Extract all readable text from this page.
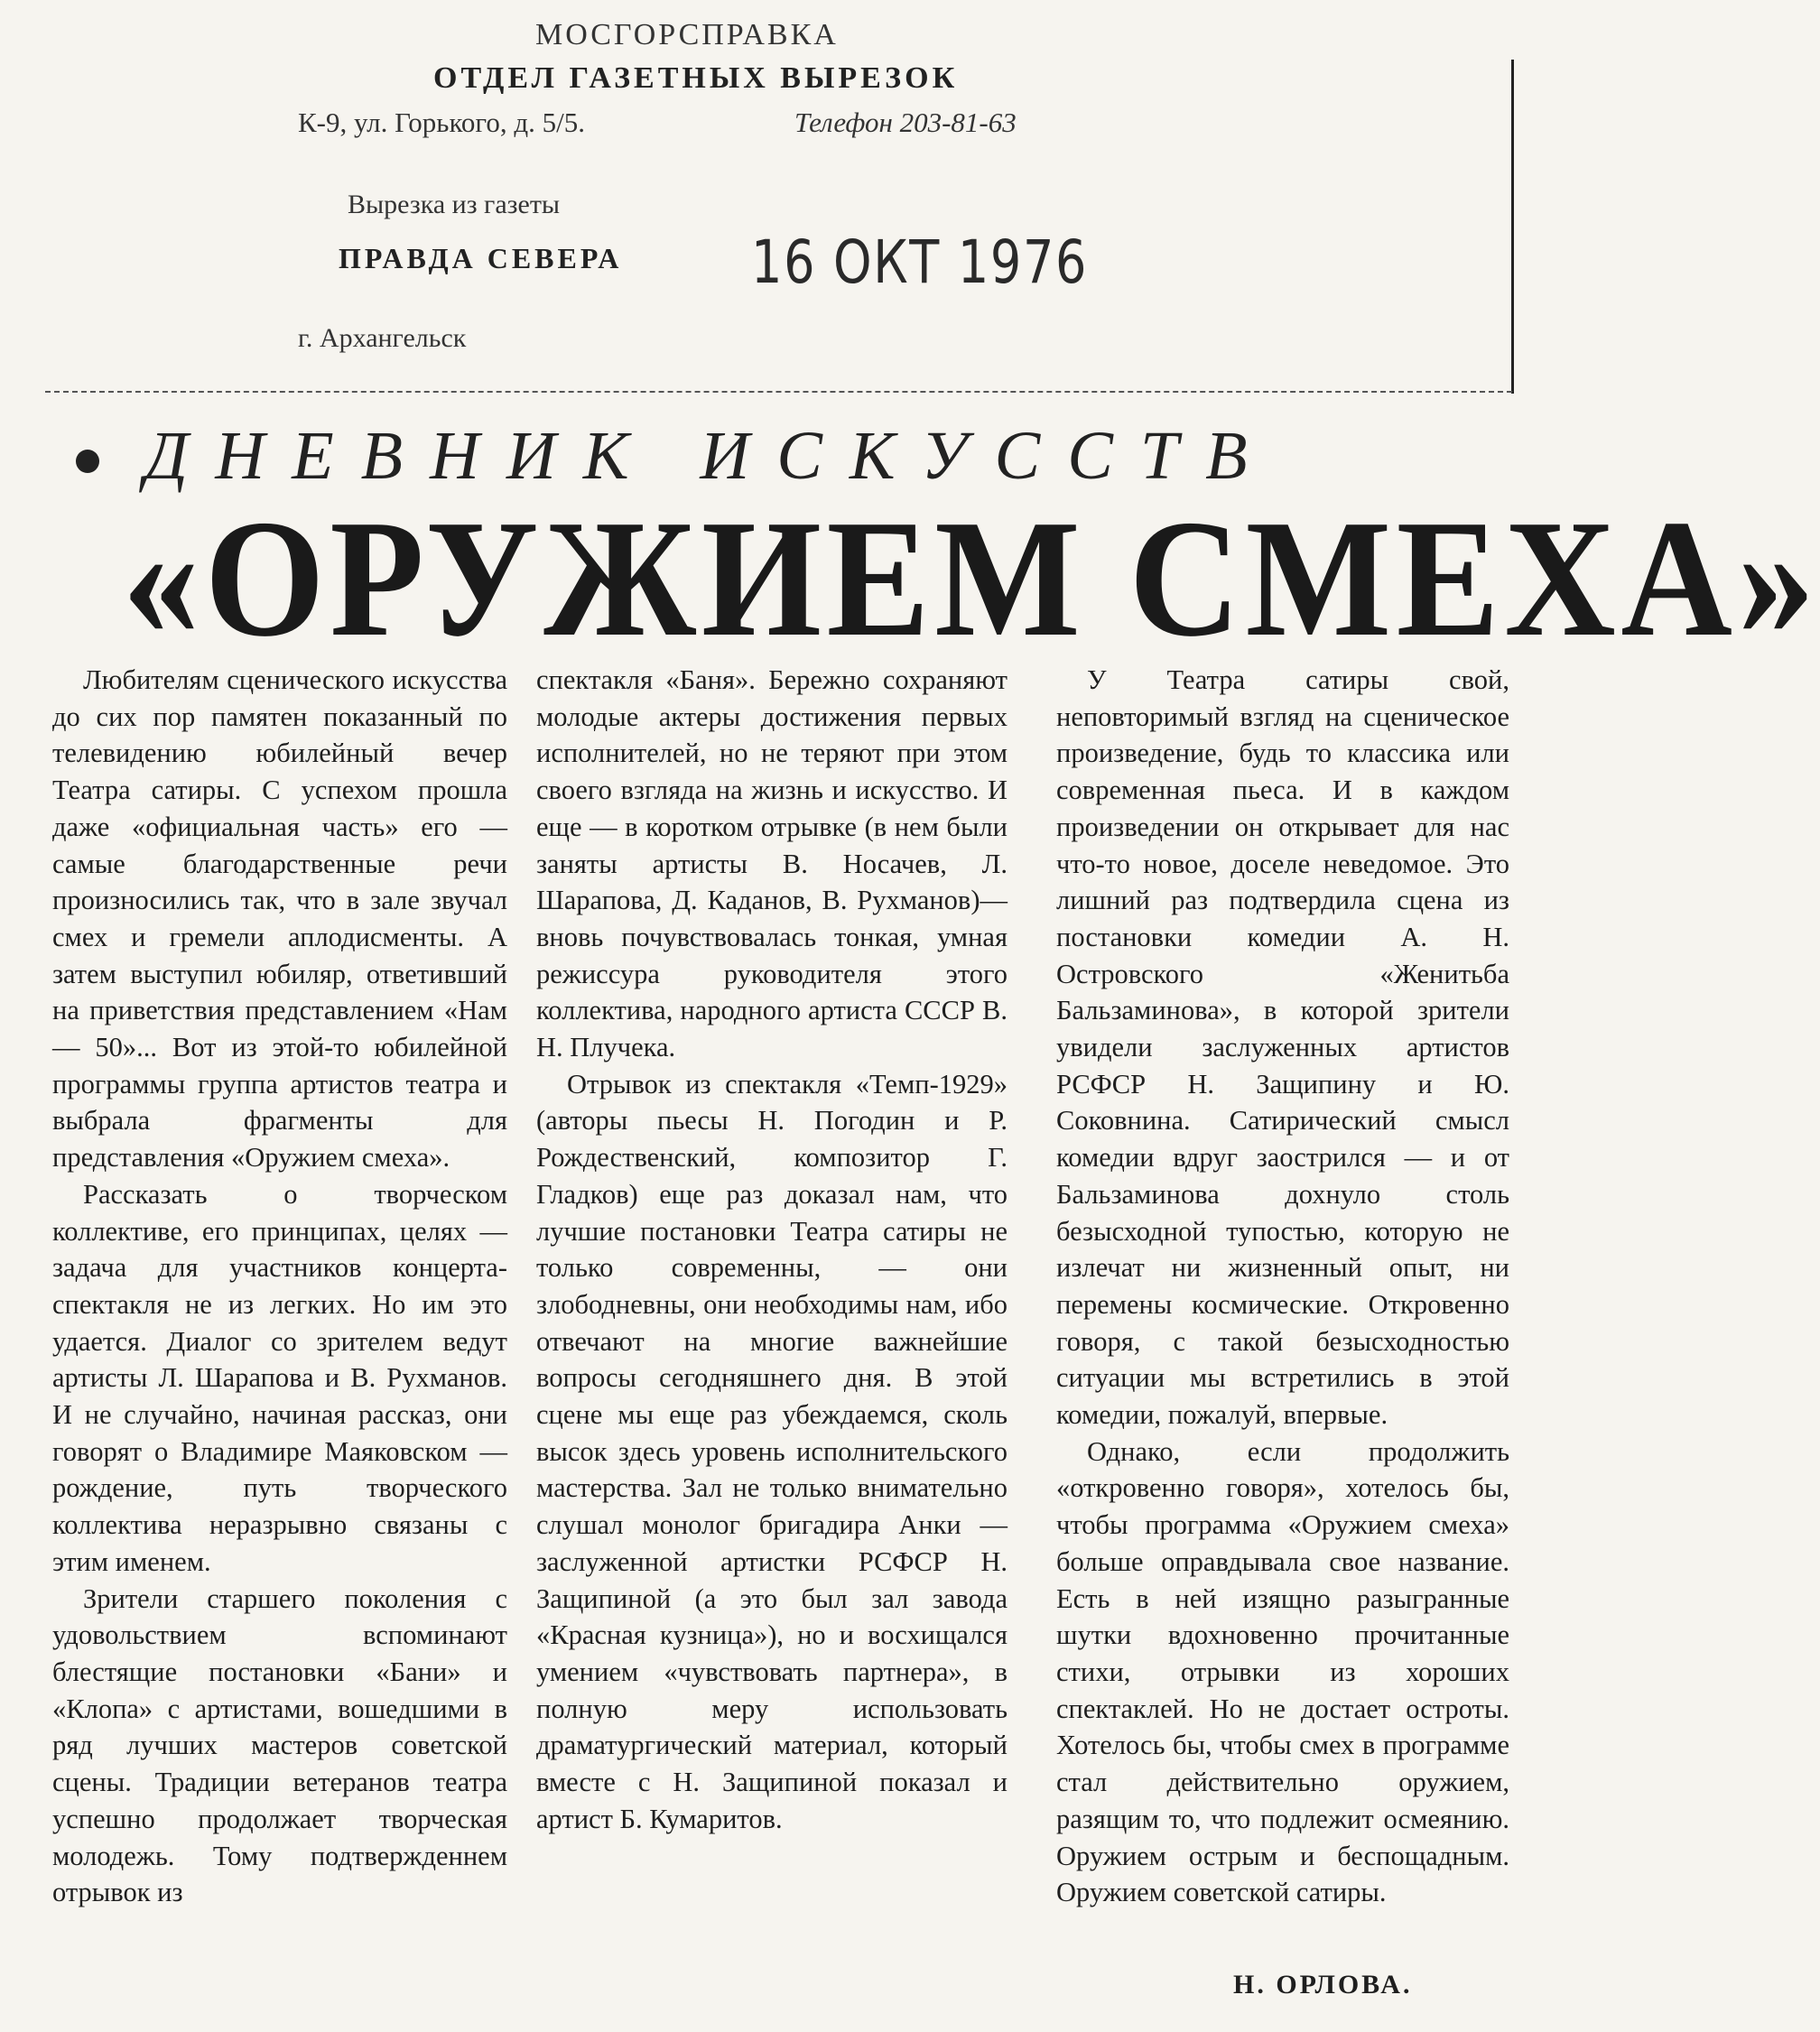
МОСГОРСПРАВКА
ОТДЕЛ ГАЗЕТНЫХ ВЫРЕЗОК
К-9, ул. Горького, д. 5/5.	Телефон 203-81-63
Вырезка из газеты
ПРАВДА СЕВЕРА 16 ОКТ 1976
г. Архангельск
ДНЕВНИК ИСКУССТВ
«ОРУЖИЕМ СМЕХА»

Любителям сценического искусства до сих пор памятен показанный по телевидению юбилейный вечер Театра сатиры. С успехом прошла даже «официальная часть» его — самые благодарственные речи произносились так, что в зале звучал смех и гремели аплодисменты. А затем выступил юбиляр, ответивший на приветствия представлением «Нам — 50»... Вот из этой-то юбилейной программы группа артистов театра и выбрала фрагменты для представления «Оружием смеха».

Рассказать о творческом коллективе, его принципах, целях — задача для участников концерта-спектакля не из легких. Но им это удается. Диалог со зрителем ведут артисты Л. Шарапова и В. Рухманов. И не случайно, начиная рассказ, они говорят о Владимире Маяковском — рождение, путь творческого коллектива неразрывно связаны с этим именем.

Зрители старшего поколения с удовольствием вспоминают блестящие постановки «Бани» и «Клопа» с артистами, вошедшими в ряд лучших мастеров советской сцены. Традиции ветеранов театра успешно продолжает творческая молодежь. Тому подтвержденнем отрывок из

спектакля «Баня». Бережно сохраняют молодые актеры достижения первых исполнителей, но не теряют при этом своего взгляда на жизнь и искусство. И еще — в коротком отрывке (в нем были заняты артисты В. Носачев, Л. Шарапова, Д. Каданов, В. Рухманов)— вновь почувствовалась тонкая, умная режиссура руководителя этого коллектива, народного артиста СССР В. Н. Плучека.

Отрывок из спектакля «Темп-1929» (авторы пьесы Н. Погодин и Р. Рождественский, композитор Г. Гладков) еще раз доказал нам, что лучшие постановки Театра сатиры не только современны, — они злободневны, они необходимы нам, ибо отвечают на многие важнейшие вопросы сегодняшнего дня. В этой сцене мы еще раз убеждаемся, сколь высок здесь уровень исполнительского мастерства. Зал не только внимательно слушал монолог бригадира Анки — заслуженной артистки РСФСР Н. Защипиной (а это был зал завода «Красная кузница»), но и восхищался умением «чувствовать партнера», в полную меру использовать драматургический материал, который вместе с Н. Защипиной показал и артист Б. Кумаритов.

У Театра сатиры свой, неповторимый взгляд на сценическое произведение, будь то классика или современная пьеса. И в каждом произведении он открывает для нас что-то новое, доселе неведомое. Это лишний раз подтвердила сцена из постановки комедии А. Н. Островского «Женитьба Бальзаминова», в которой зрители увидели заслуженных артистов РСФСР Н. Защипину и Ю. Соковнина. Сатирический смысл комедии вдруг заострился — и от Бальзаминова дохнуло столь безысходной тупостью, которую не излечат ни жизненный опыт, ни перемены космические. Откровенно говоря, с такой безысходностью ситуации мы встретились в этой комедии, пожалуй, впервые.

Однако, если продолжить «откровенно говоря», хотелось бы, чтобы программа «Оружием смеха» больше оправдывала свое название. Есть в ней изящно разыгранные шутки вдохновенно прочитанные стихи, отрывки из хороших спектаклей. Но не достает остроты. Хотелось бы, чтобы смех в программе стал действительно оружием, разящим то, что подлежит осмеянию. Оружием острым и беспощадным. Оружием советской сатиры.

Н. ОРЛОВА.
